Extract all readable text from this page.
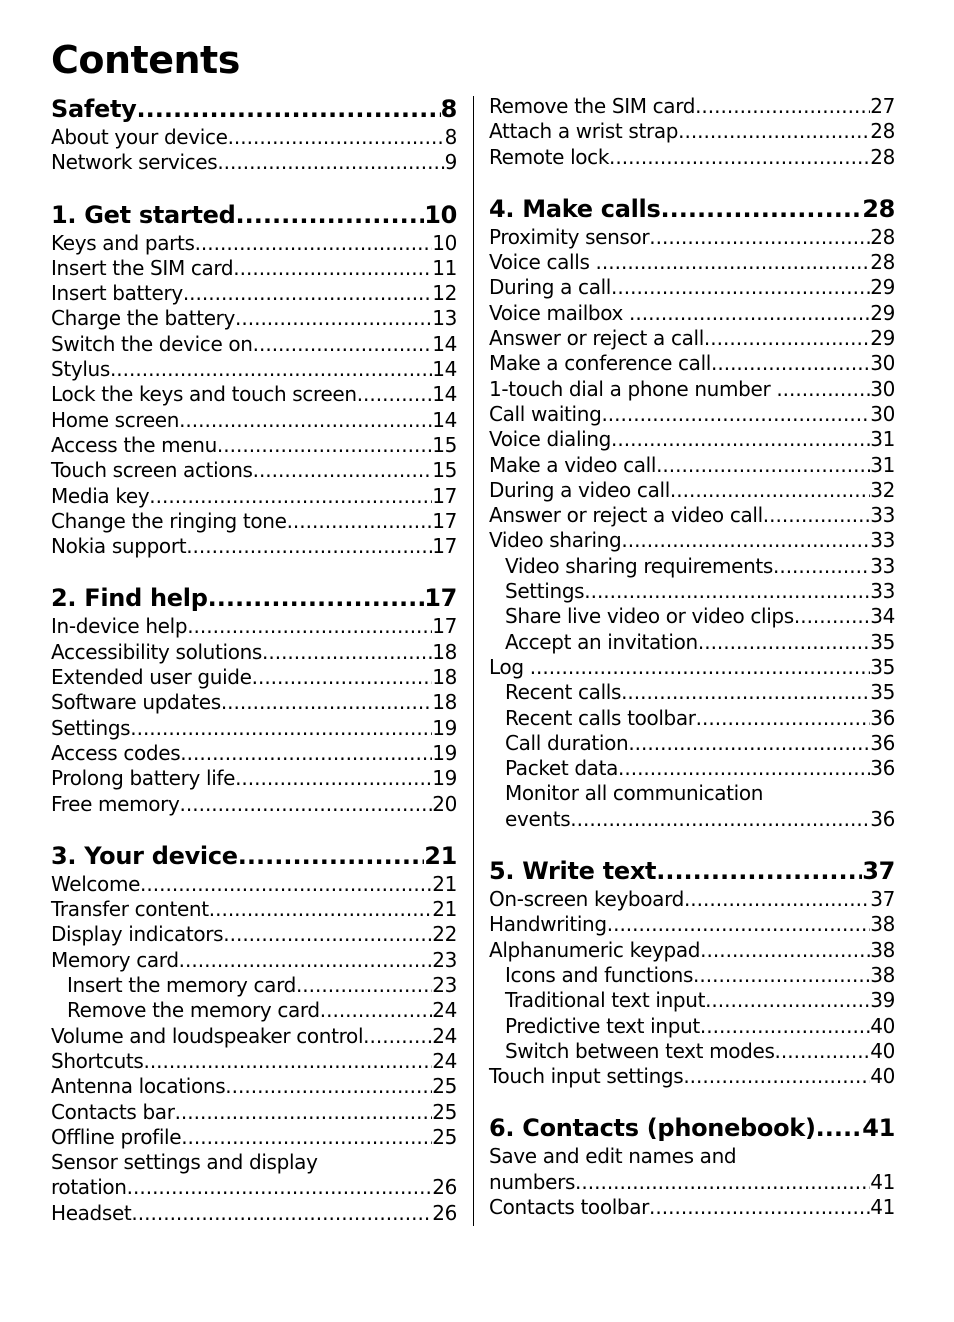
Contents
Safety .....	8
About your device .....	8
Network services .....	9
1. Get started .....	10
Keys and parts .....	10
Insert the SIM card .....	11
Insert battery .....	12
Charge the battery .....	13
Switch the device on .....	14
Stylus .....	14
Lock the keys and touch screen .....	14
Home screen .....	14
Access the menu .....	15
Touch screen actions .....	15
Media key .....	17
Change the ringing tone .....	17
Nokia support .....	17
2. Find help .....	17
In-device help .....	17
Accessibility solutions .....	18
Extended user guide .....	18
Software updates .....	18
Settings .....	19
Access codes .....	19
Prolong battery life .....	19
Free memory .....	20
3. Your device .....	21
Welcome .....	21
Transfer content .....	21
Display indicators .....	22
Memory card .....	23
Insert the memory card .....	23
Remove the memory card .....	24
Volume and loudspeaker control .....	24
Shortcuts .....	24
Antenna locations .....	25
Contacts bar .....	25
Offline profile .....	25
Sensor settings and display
rotation .....	26
Headset .....	26
Remove the SIM card .....	27
Attach a wrist strap .....	28
Remote lock .....	28
4. Make calls .....	28
Proximity sensor .....	28
Voice calls .....	28
During a call .....	29
Voice mailbox .....	29
Answer or reject a call .....	29
Make a conference call .....	30
1-touch dial a phone number .....	30
Call waiting .....	30
Voice dialing .....	31
Make a video call .....	31
During a video call .....	32
Answer or reject a video call .....	33
Video sharing .....	33
Video sharing requirements .....	33
Settings .....	33
Share live video or video clips .....	34
Accept an invitation .....	35
Log .....	35
Recent calls .....	35
Recent calls toolbar .....	36
Call duration .....	36
Packet data .....	36
Monitor all communication
events .....	36
5. Write text .....	37
On-screen keyboard .....	37
Handwriting .....	38
Alphanumeric keypad .....	38
Icons and functions .....	38
Traditional text input .....	39
Predictive text input .....	40
Switch between text modes .....	40
Touch input settings .....	40
6. Contacts (phonebook) ..... 41
Save and edit names and
numbers .....	41
Contacts toolbar .....	41
